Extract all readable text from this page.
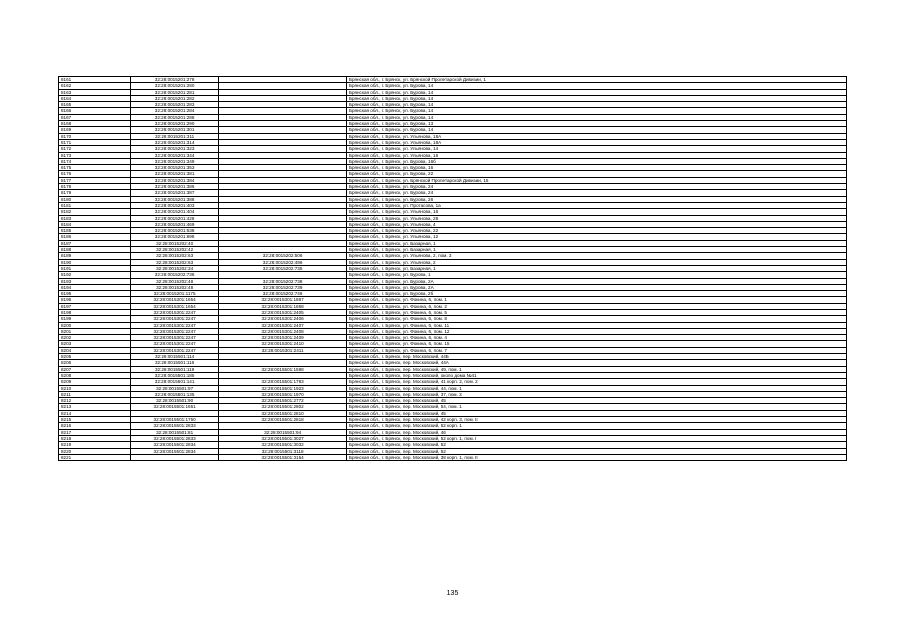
8161	32:28:0015201:278		Брянская обл., г. Брянск, ул. Брянской Пролетарской Дивизии, 1
8162	32:28:0015201:280		Брянская обл., г. Брянск, ул. Бурова, 14
8163	32:28:0015201:281		Брянская обл., г. Брянск, ул. Бурова, 14
8164	32:28:0015201:282		Брянская обл., г. Брянск, ул. Бурова, 14
8165	32:28:0015201:283		Брянская обл., г. Брянск, ул. Бурова, 14
8166	32:28:0015201:284		Брянская обл., г. Брянск, ул. Бурова, 14
8167	32:28:0015201:288		Брянская обл., г. Брянск, ул. Бурова, 14
8168	32:28:0015201:290		Брянская обл., г. Брянск, ул. Бурова, 13
8169	32:28:0015201:301		Брянская обл., г. Брянск, ул. Бурова, 14
8170	32:28:0015201:311		Брянская обл., г. Брянск, ул. Ульянова, 18А
8171	32:28:0015201:314		Брянская обл., г. Брянск, ул. Ульянова, 18А
8172	32:28:0015201:323		Брянская обл., г. Брянск, ул. Ульянова, 14
8173	32:28:0015201:344		Брянская обл., г. Брянск, ул. Ульянова, 16
8174	32:28:0015201:349		Брянская обл., г. Брянск, ул. Бурова, 16б
8175	32:28:0015201:353		Брянская обл., г. Брянск, ул. Бурова, 16
8176	32:28:0015201:381		Брянская обл., г. Брянск, ул. Бурова, 22
8177	32:28:0015201:384		Брянская обл., г. Брянск, ул. Брянской Пролетарской Дивизии, 15
8178	32:28:0015201:386		Брянская обл., г. Брянск, ул. Бурова, 24
8179	32:28:0015201:387		Брянская обл., г. Брянск, ул. Бурова, 24
8180	32:28:0015201:388		Брянская обл., г. Брянск, ул. Бурова, 26
8181	32:28:0015201:403		Брянская обл., г. Брянск, ул. Протасова, 1а
8182	32:28:0015201:404		Брянская обл., г. Брянск, ул. Ульянова, 16
8183	32:28:0015201:428		Брянская обл., г. Брянск, ул. Ульянова, 28
8184	32:28:0015201:469		Брянская обл., г. Брянск, ул. Ульянова, 4
8185	32:28:0015201:538		Брянская обл., г. Брянск, ул. Ульянова, 22
8186	32:28:0015201:698		Брянская обл., г. Брянск, ул. Ульянова, 12
8187	32:28:0015202:40		Брянская обл., г. Брянск, ул. Базарная, 1
8188	32:28:0015202:42		Брянская обл., г. Брянск, ул. Базарная, 1
8189	32:28:0015202:63	32:28:0015202:506	Брянская обл., г. Брянск, ул. Ульянова, 2, пом. 3
8190	32:28:0015202:63	32:28:0015202:496	Брянская обл., г. Брянск, ул. Ульянова, 2
8191	32:28:0015202:34	32:28:0015202:735	Брянская обл., г. Брянск, ул. Базарная, 1
8192	32:28:0015202:736		Брянская обл., г. Брянск, ул. Бурова, 1
8193	32:28:0015202:48	32:28:0015202:738	Брянская обл., г. Брянск, ул. Бурова, 2А
8194	32:28:0015202:48	32:28:0015202:739	Брянская обл., г. Брянск, ул. Бурова, 2А
8195	32:28:0015201:1175	32:28:0015202:746	Брянская обл., г. Брянск, ул. Бурова, 2б
8196	32:28:0015301:1654	32:28:0015301:1867	Брянская обл., г. Брянск, ул. Фокина, 6, пом. 1
8197	32:28:0015301:1654	32:28:0015301:1868	Брянская обл., г. Брянск, ул. Фокина, 6, пом. 2
8198	32:28:0015301:2247	32:28:0015301:2405	Брянская обл., г. Брянск, ул. Фокина, 6, пом. 5
8199	32:28:0015301:2247	32:28:0015301:2406	Брянская обл., г. Брянск, ул. Фокина, 6, пом. 8
8200	32:28:0015301:2247	32:28:0015301:2407	Брянская обл., г. Брянск, ул. Фокина, 6, пом. 11
8201	32:28:0015301:2247	32:28:0015301:2408	Брянская обл., г. Брянск, ул. Фокина, 6, пом. 12
8202	32:28:0015301:2247	32:28:0015301:2409	Брянская обл., г. Брянск, ул. Фокина, 6, пом. 4
8203	32:28:0015301:2247	32:28:0015301:2410	Брянская обл., г. Брянск, ул. Фокина, 6, пом. 15
8204	32:28:0015301:2247	32:28:0015301:2411	Брянская обл., г. Брянск, ул. Фокина, 6, пом. 7
8205	32:28:0015501:114		Брянская обл., г. Брянск, пер. Московский, 44Б
8206	32:28:0015501:116		Брянская обл., г. Брянск, пер. Московский, 44А
8207	32:28:0015501:119	32:28:0015501:1598	Брянская обл., г. Брянск, пер. Московский, 49, пом. 1
8208	32:28:0015501:185		Брянская обл., г. Брянск, пер. Московский, около дома №41
8209	32:28:0015501:141	32:28:0015501:1783	Брянская обл., г. Брянск, пер. Московский, 41 корп. 2, пом. 2
8210	32:28:0015501:97	32:28:0015501:1923	Брянская обл., г. Брянск, пер. Московский, 44, пом. 1
8211	32:28:0015501:135	32:28:0015501:1970	Брянская обл., г. Брянск, пер. Московский, 37, пом. 3
8212	32:28:0015501:90	32:28:0015501:2772	Брянская обл., г. Брянск, пер. Московский, 45
8213	32:28:0015501:1651	32:28:0015501:2802	Брянская обл., г. Брянск, пер. Московский, 54, пом. 1
8214		32:28:0015501:2810	Брянская обл., г. Брянск, пер. Московский, 45
8215	32:28:0015501:1750	32:28:0015501:2818	Брянская обл., г. Брянск, пер. Московский, 42 корп. 3, пом. II
8216	32:28:0015501:2833		Брянская обл., г. Брянск, пер. Московский, 52 корп. 1
8217	32:28:0015501:81	32:28:0015501:94	Брянская обл., г. Брянск, пер. Московский, 46
8218	32:28:0015501:2833	32:28:0015501:3027	Брянская обл., г. Брянск, пер. Московский, 52 корп. 1, пом. I
8219	32:28:0015501:2834	32:28:0015501:3032	Брянская обл., г. Брянск, пер. Московский, 52
8220	32:28:0015501:2834	32:28:0015501:3118	Брянская обл., г. Брянск, пер. Московский, 52
8221		32:28:0015501:3154	Брянская обл., г. Брянск, пер. Московский, 38 корп. 1, пом. II
135
